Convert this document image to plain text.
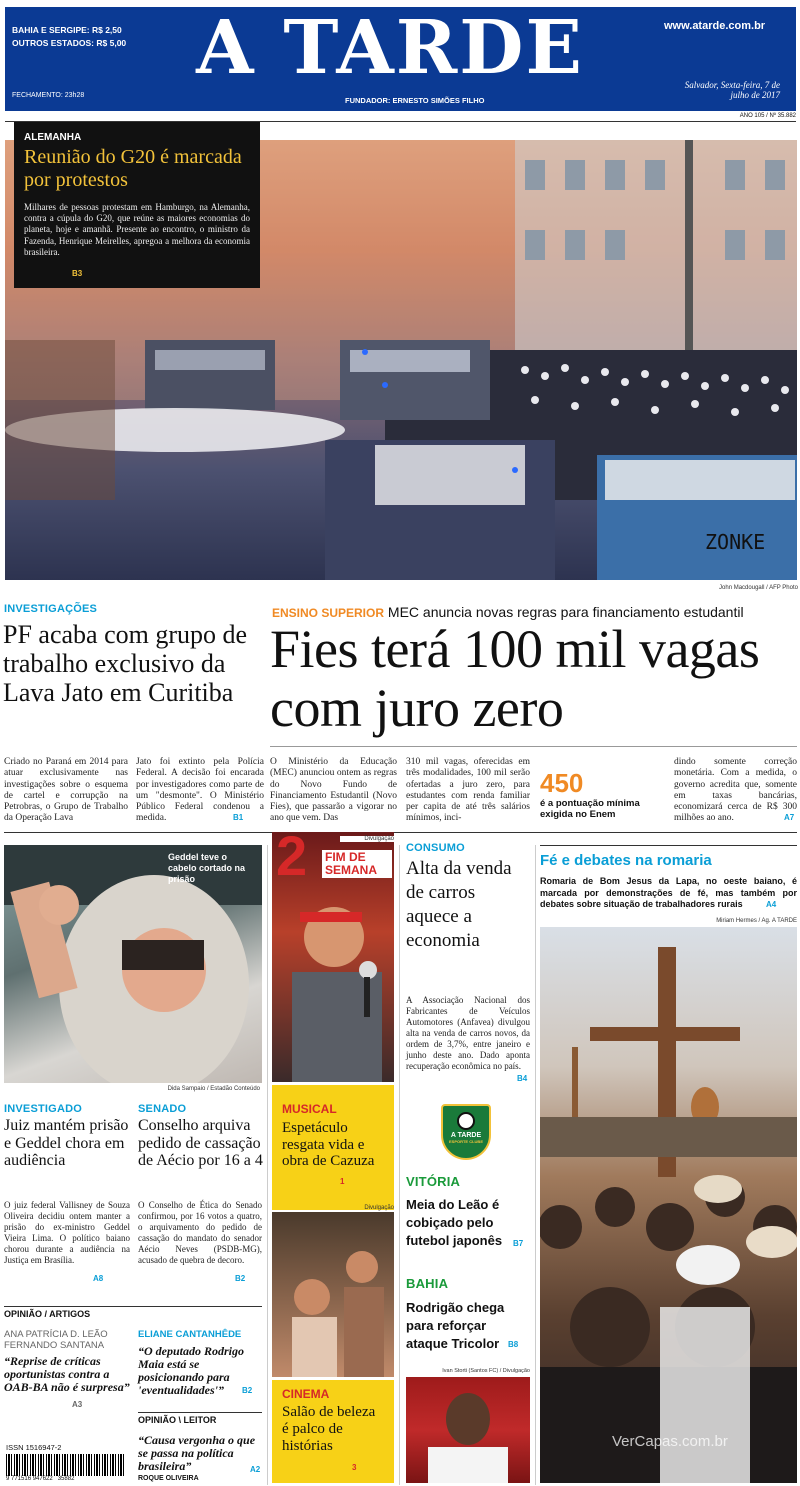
BAHIA E SERGIPE: R$ 2,50
OUTROS ESTADOS: R$ 5,00
FECHAMENTO: 23h28
A TARDE
FUNDADOR: ERNESTO SIMÕES FILHO
www.atarde.com.br
Salvador, Sexta-feira, 7 de julho de 2017
ANO 105 / Nº 35.882
ZONKE
ALEMANHA
Reunião do G20 é marcada por protestos
Milhares de pessoas protestam em Hamburgo, na Alemanha, contra a cúpula do G20, que reúne as maiores economias do planeta, hoje e amanhã. Presente ao encontro, o ministro da Fazenda, Henrique Meirelles, apregoa a melhora da economia brasileira.
B3
John Macdougall / AFP Photo
INVESTIGAÇÕES
PF acaba com grupo de trabalho exclusivo da Lava Jato em Curitiba
Criado no Paraná em 2014 para atuar exclusivamente nas investigações sobre o esquema de cartel e corrupção na Petrobras, o Grupo de Trabalho da Operação Lava
Jato foi extinto pela Polícia Federal. A decisão foi encarada por investigadores como parte de um "desmonte". O Ministério Público Federal condenou a medida.	B1
ENSINO SUPERIOR MEC anuncia novas regras para financiamento estudantil
Fies terá 100 mil vagas com juro zero
O Ministério da Educação (MEC) anunciou ontem as regras do Novo Fundo de Financiamento Estudantil (Novo Fies), que passarão a vigorar no ano que vem. Das
310 mil vagas, oferecidas em três modalidades, 100 mil serão ofertadas a juro zero, para estudantes com renda familiar per capita de até três salários mínimos, inci-
450
é a pontuação mínima exigida no Enem
dindo somente correção monetária. Com a medida, o governo acredita que, somente em taxas bancárias, economizará cerca de R$ 300 milhões ao ano.	A7
Geddel teve o cabelo cortado na prisão
Dida Sampaio / Estadão Conteúdo
INVESTIGADO
Juiz mantém prisão e Geddel chora em audiência
O juiz federal Vallisney de Souza Oliveira decidiu ontem manter a prisão do ex-ministro Geddel Vieira Lima. O político baiano chorou durante a audiência na Justiça em Brasília.
A8
SENADO
Conselho arquiva pedido de cassação de Aécio por 16 a 4
O Conselho de Ética do Senado confirmou, por 16 votos a quatro, o arquivamento do pedido de cassação do mandato do senador Aécio Neves (PSDB-MG), acusado de quebra de decoro.
B2
OPINIÃO / ARTIGOS
ANA PATRÍCIA D. LEÃO FERNANDO SANTANA
“Reprise de críticas oportunistas contra a OAB-BA não é surpresa”
A3
ELIANE CANTANHÊDE
“O deputado Rodrigo Maia está se posicionando para 'eventualidades'”	B2
OPINIÃO \ LEITOR
“Causa vergonha o que se passa na política brasileira”	A2
ROQUE OLIVEIRA
ISSN 1516947-2
9 771516 947622   35882
2 FIM DE SEMANA
Divulgação
MUSICAL
Espetáculo resgata vida e obra de Cazuza
1
Divulgação
CINEMA
Salão de beleza é palco de histórias
3
CONSUMO
Alta da venda de carros aquece a economia
A Associação Nacional dos Fabricantes de Veículos Automotores (Anfavea) divulgou alta na venda de carros novos, da ordem de 3,7%, entre janeiro e junho deste ano. Dado aponta recuperação econômica no país.
B4
A TARDE
ESPORTE CLUBE
VITÓRIA
Meia do Leão é cobiçado pelo futebol japonês	B7
BAHIA
Rodrigão chega para reforçar ataque Tricolor	B8
Ivan Storti (Santos FC) / Divulgação
Fé e debates na romaria
Romaria de Bom Jesus da Lapa, no oeste baiano, é marcada por demonstrações de fé, mas também por debates sobre situação de trabalhadores rurais	A4
Miriam Hermes / Ag. A TARDE
VerCapas.com.br
